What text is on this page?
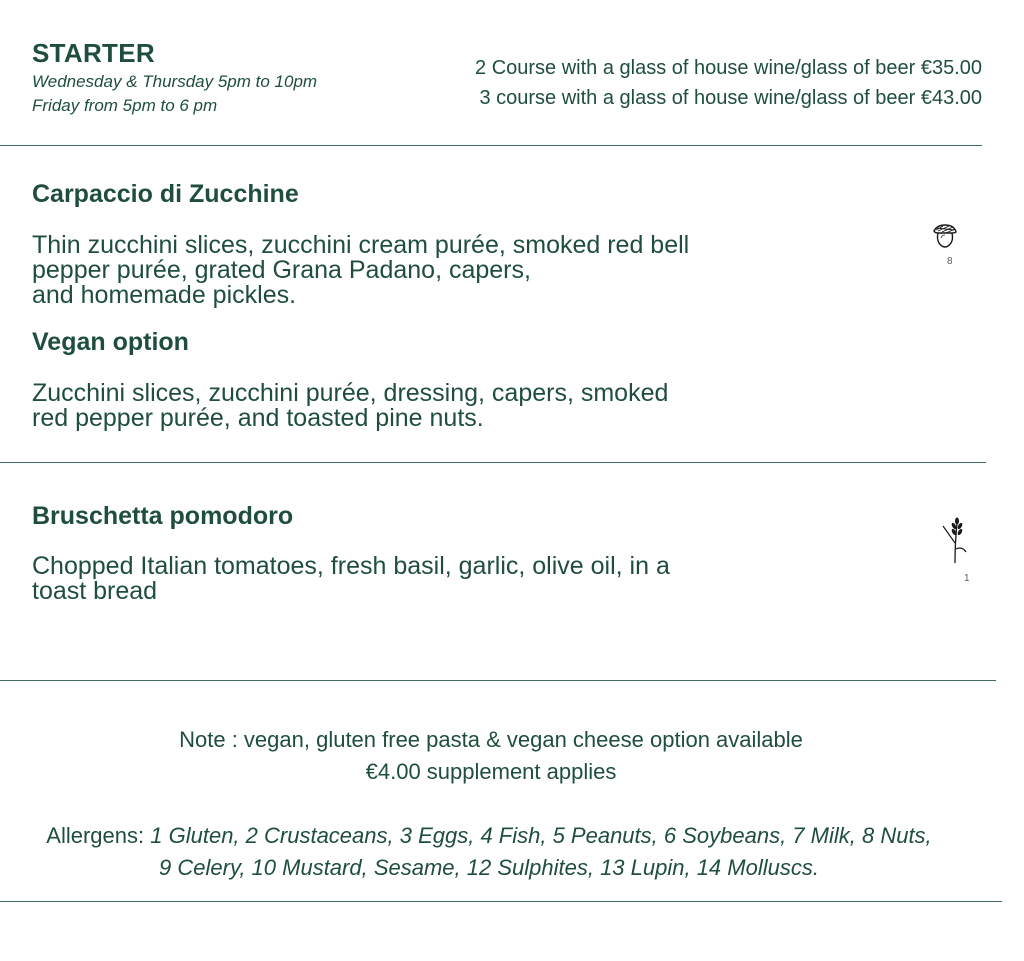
STARTER
Wednesday & Thursday 5pm to 10pm
Friday from 5pm to 6 pm
2 Course with a glass of house wine/glass of beer €35.00
3 course with a glass of house wine/glass of beer €43.00
Carpaccio di Zucchine
Thin zucchini slices, zucchini cream purée, smoked red bell
pepper purée, grated Grana Padano, capers,
and homemade pickles.
8
Vegan option
Zucchini slices, zucchini purée, dressing, capers, smoked
red pepper purée, and toasted pine nuts.
Bruschetta pomodoro
Chopped Italian tomatoes, fresh basil, garlic, olive oil, in a
toast bread	1
Note : vegan, gluten free pasta & vegan cheese option available
€4.00 supplement applies
Allergens: 1 Gluten, 2 Crustaceans, 3 Eggs, 4 Fish, 5 Peanuts, 6 Soybeans, 7 Milk, 8 Nuts,
9 Celery, 10 Mustard, Sesame, 12 Sulphites, 13 Lupin, 14 Molluscs.
